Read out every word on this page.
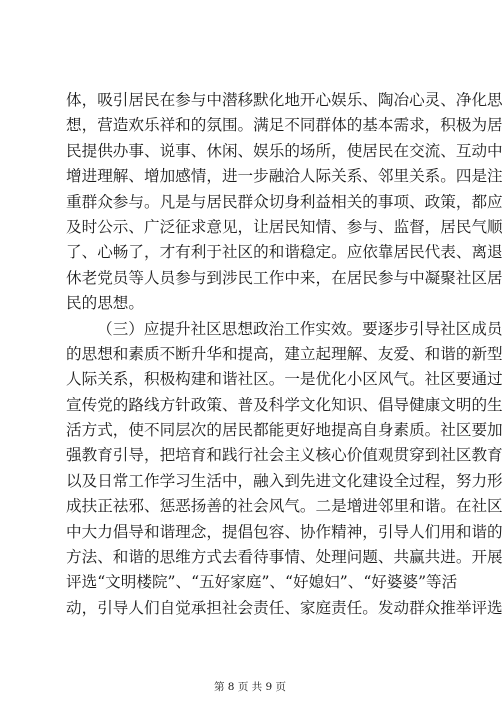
体，吸引居民在参与中潜移默化地开心娱乐、陶冶心灵、净化思
想，营造欢乐祥和的氛围。满足不同群体的基本需求，积极为居
民提供办事、说事、休闲、娱乐的场所，使居民在交流、互动中
增进理解、增加感情，进一步融洽人际关系、邻里关系。四是注
重群众参与。凡是与居民群众切身利益相关的事项、政策，都应
及时公示、广泛征求意见，让居民知情、参与、监督，居民气顺
了、心畅了，才有利于社区的和谐稳定。应依靠居民代表、离退
休老党员等人员参与到涉民工作中来，在居民参与中凝聚社区居
民的思想。
（三）应提升社区思想政治工作实效。要逐步引导社区成员
的思想和素质不断升华和提高，建立起理解、友爱、和谐的新型
人际关系，积极构建和谐社区。一是优化小区风气。社区要通过
宣传党的路线方针政策、普及科学文化知识、倡导健康文明的生
活方式，使不同层次的居民都能更好地提高自身素质。社区要加
强教育引导，把培育和践行社会主义核心价值观贯穿到社区教育
以及日常工作学习生活中，融入到先进文化建设全过程，努力形
成扶正祛邪、惩恶扬善的社会风气。二是增进邻里和谐。在社区
中大力倡导和谐理念，提倡包容、协作精神，引导人们用和谐的
方法、和谐的思维方式去看待事情、处理问题、共赢共进。开展
评选“文明楼院”、“五好家庭”、“好媳妇”、“好婆婆”等活
动，引导人们自觉承担社会责任、家庭责任。发动群众推举评选
第 8 页 共 9 页
